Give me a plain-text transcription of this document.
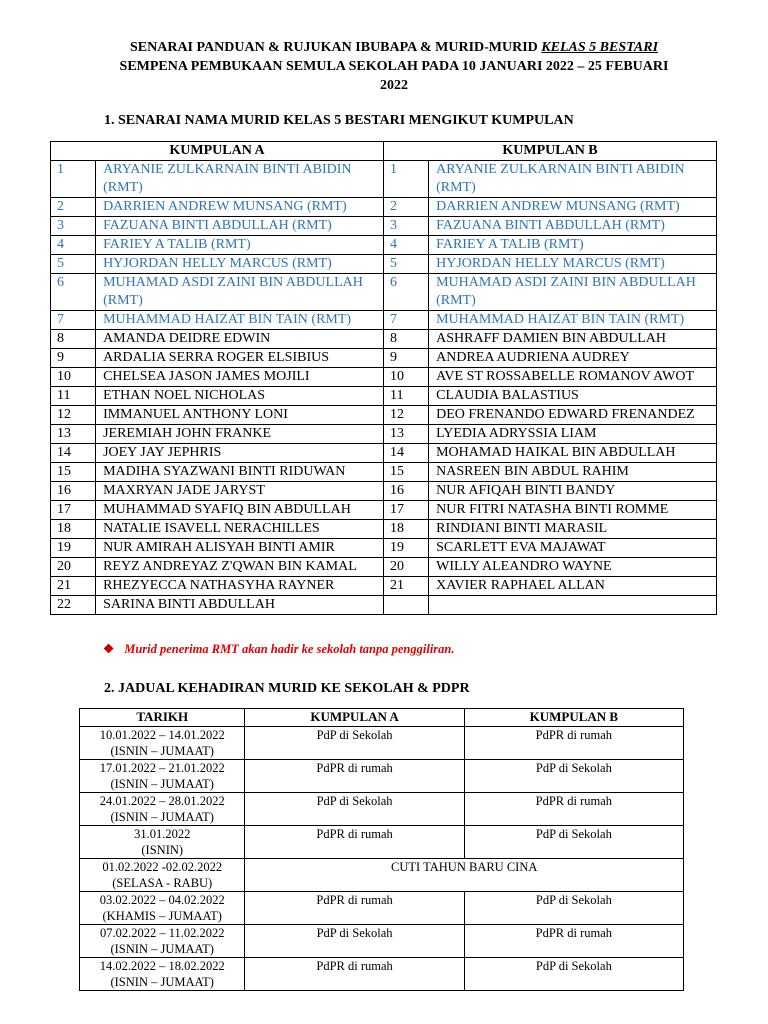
SENARAI PANDUAN & RUJUKAN IBUBAPA & MURID-MURID KELAS 5 BESTARI
SEMPENA PEMBUKAAN SEMULA SEKOLAH PADA 10 JANUARI 2022 – 25 FEBUARI
2022
1. SENARAI NAMA MURID KELAS 5 BESTARI MENGIKUT KUMPULAN
KUMPULAN A		KUMPULAN B	
1	ARYANIE ZULKARNAIN BINTI ABIDIN (RMT)	1	ARYANIE ZULKARNAIN BINTI ABIDIN (RMT)
2	DARRIEN ANDREW MUNSANG (RMT)	2	DARRIEN ANDREW MUNSANG (RMT)
3	FAZUANA BINTI ABDULLAH (RMT)	3	FAZUANA BINTI ABDULLAH (RMT)
4	FARIEY A TALIB (RMT)	4	FARIEY A TALIB (RMT)
5	HYJORDAN HELLY MARCUS (RMT)	5	HYJORDAN HELLY MARCUS (RMT)
6	MUHAMAD ASDI ZAINI BIN ABDULLAH (RMT)	6	MUHAMAD ASDI ZAINI BIN ABDULLAH (RMT)
7	MUHAMMAD HAIZAT BIN TAIN (RMT)	7	MUHAMMAD HAIZAT BIN TAIN (RMT)
8	AMANDA DEIDRE EDWIN	8	ASHRAFF DAMIEN BIN ABDULLAH
9	ARDALIA SERRA ROGER ELSIBIUS	9	ANDREA AUDRIENA AUDREY
10	CHELSEA JASON JAMES MOJILI	10	AVE ST ROSSABELLE ROMANOV AWOT
11	ETHAN NOEL NICHOLAS	11	CLAUDIA BALASTIUS
12	IMMANUEL ANTHONY LONI	12	DEO FRENANDO EDWARD FRENANDEZ
13	JEREMIAH JOHN FRANKE	13	LYEDIA ADRYSSIA LIAM
14	JOEY JAY JEPHRIS	14	MOHAMAD HAIKAL BIN ABDULLAH
15	MADIHA SYAZWANI BINTI RIDUWAN	15	NASREEN BIN ABDUL RAHIM
16	MAXRYAN JADE JARYST	16	NUR AFIQAH BINTI BANDY
17	MUHAMMAD SYAFIQ BIN ABDULLAH	17	NUR FITRI NATASHA BINTI ROMME
18	NATALIE ISAVELL NERACHILLES	18	RINDIANI BINTI MARASIL
19	NUR AMIRAH ALISYAH BINTI AMIR	19	SCARLETT EVA MAJAWAT
20	REYZ ANDREYAZ Z'QWAN BIN KAMAL	20	WILLY ALEANDRO WAYNE
21	RHEZYECCA NATHASYHA RAYNER	21	XAVIER RAPHAEL ALLAN
22	SARINA BINTI ABDULLAH		
❖ Murid penerima RMT akan hadir ke sekolah tanpa penggiliran.
2. JADUAL KEHADIRAN MURID KE SEKOLAH & PDPR
TARIKH	KUMPULAN A	KUMPULAN B

10.01.2022 – 14.01.2022
(ISNIN – JUMAAT)	PdP di Sekolah	PdPR di rumah

17.01.2022 – 21.01.2022
(ISNIN – JUMAAT)	PdPR di rumah	PdP di Sekolah

24.01.2022 – 28.01.2022
(ISNIN – JUMAAT)	PdP di Sekolah	PdPR di rumah

31.01.2022
(ISNIN)	PdPR di rumah	PdP di Sekolah

01.02.2022 -02.02.2022
(SELASA - RABU)	CUTI TAHUN BARU CINA	

03.02.2022 – 04.02.2022
(KHAMIS – JUMAAT)	PdPR di rumah	PdP di Sekolah

07.02.2022 – 11.02.2022
(ISNIN – JUMAAT)	PdP di Sekolah	PdPR di rumah

14.02.2022 – 18.02.2022
(ISNIN – JUMAAT)	PdPR di rumah	PdP di Sekolah
